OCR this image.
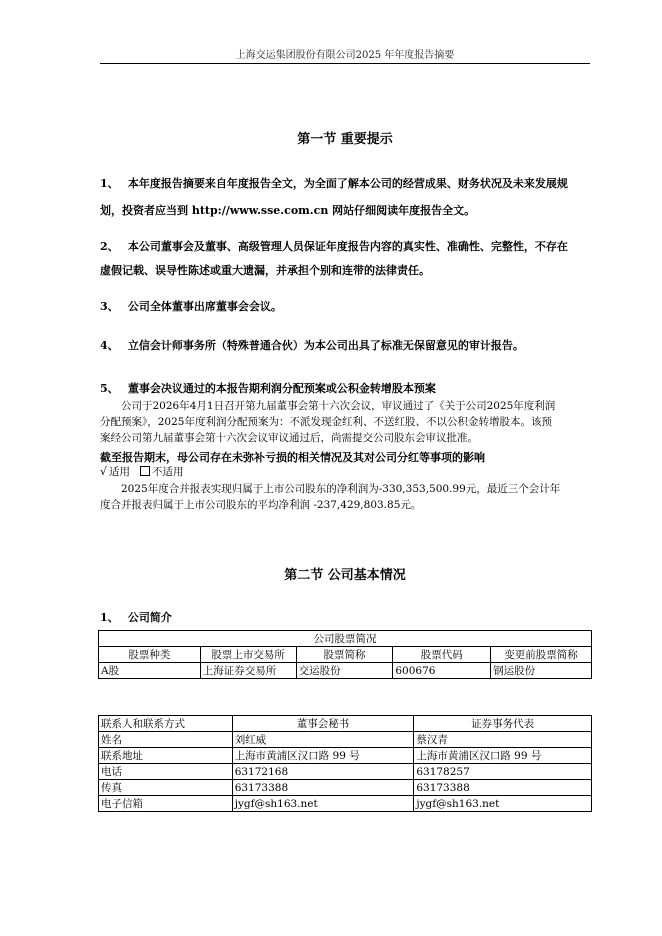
上海交运集团股份有限公司2025 年年度报告摘要
第一节 重要提示
1、 本年度报告摘要来自年度报告全文，为全面了解本公司的经营成果、财务状况及未来发展规
划，投资者应当到 http://www.sse.com.cn 网站仔细阅读年度报告全文。
2、 本公司董事会及董事、高级管理人员保证年度报告内容的真实性、准确性、完整性，不存在
虚假记载、误导性陈述或重大遗漏，并承担个别和连带的法律责任。
3、 公司全体董事出席董事会会议。
4、 立信会计师事务所（特殊普通合伙）为本公司出具了标准无保留意见的审计报告。
5、 董事会决议通过的本报告期利润分配预案或公积金转增股本预案
公司于2026年4月1日召开第九届董事会第十六次会议，审议通过了《关于公司2025年度利润
分配预案》，2025年度利润分配预案为：不派发现金红利、不送红股、不以公积金转增股本。该预
案经公司第九届董事会第十六次会议审议通过后，尚需提交公司股东会审议批准。
截至报告期末，母公司存在未弥补亏损的相关情况及其对公司分红等事项的影响
√ 适用 不适用
2025年度合并报表实现归属于上市公司股东的净利润为-330,353,500.99元，最近三个会计年
度合并报表归属于上市公司股东的平均净利润 -237,429,803.85元。
第二节 公司基本情况
1、 公司简介
公司股票简况				
股票种类	股票上市交易所	股票简称	股票代码	变更前股票简称
A股	上海证券交易所	交运股份	600676	钢运股份
联系人和联系方式	董事会秘书	证券事务代表
姓名	刘红威	蔡汉青
联系地址	上海市黄浦区汉口路 99 号	上海市黄浦区汉口路 99 号
电话	63172168	63178257
传真	63173388	63173388
电子信箱	jygf@sh163.net	jygf@sh163.net
